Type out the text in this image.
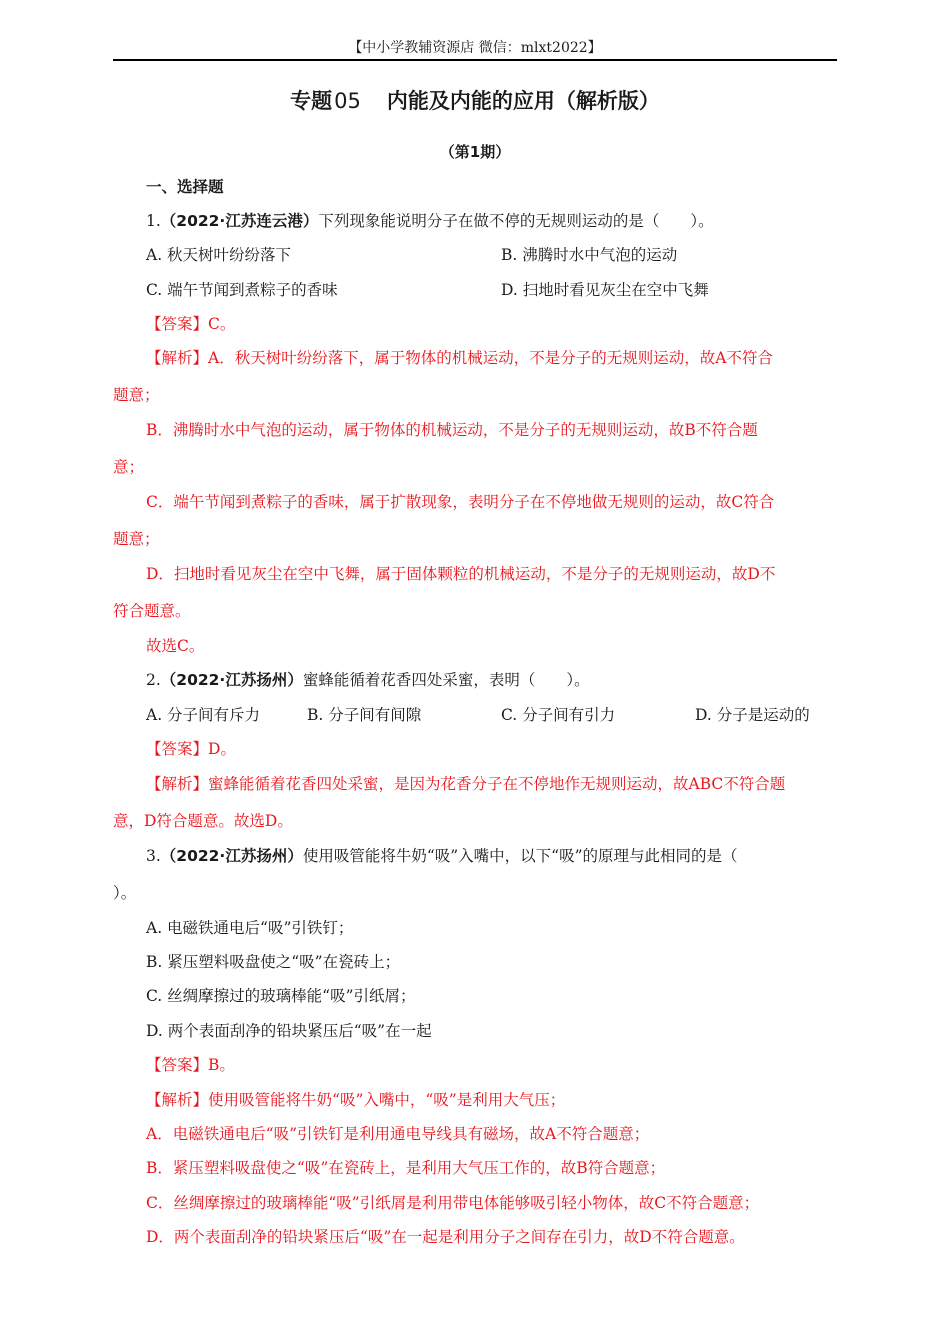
【中小学教辅资源店 微信：mlxt2022】
专题05 内能及内能的应用（解析版）
（第1期）
一、选择题
1.（2022·江苏连云港）下列现象能说明分子在做不停的无规则运动的是（　　）。
A. 秋天树叶纷纷落下	B. 沸腾时水中气泡的运动
C. 端午节闻到煮粽子的香味	D. 扫地时看见灰尘在空中飞舞
【答案】C。
【解析】A．秋天树叶纷纷落下，属于物体的机械运动，不是分子的无规则运动，故A不符合
题意；
B．沸腾时水中气泡的运动，属于物体的机械运动，不是分子的无规则运动，故B不符合题
意；
C．端午节闻到煮粽子的香味，属于扩散现象，表明分子在不停地做无规则的运动，故C符合
题意；
D．扫地时看见灰尘在空中飞舞，属于固体颗粒的机械运动，不是分子的无规则运动，故D不
符合题意。
故选C。
2.（2022·江苏扬州）蜜蜂能循着花香四处采蜜，表明（　　）。
A. 分子间有斥力	B. 分子间有间隙	C. 分子间有引力	D. 分子是运动的
【答案】D。
【解析】蜜蜂能循着花香四处采蜜，是因为花香分子在不停地作无规则运动，故ABC不符合题
意，D符合题意。故选D。
3.（2022·江苏扬州）使用吸管能将牛奶“吸”入嘴中，以下“吸”的原理与此相同的是（
）。
A. 电磁铁通电后“吸”引铁钉；
B. 紧压塑料吸盘使之“吸”在瓷砖上；
C. 丝绸摩擦过的玻璃棒能“吸”引纸屑；
D. 两个表面刮净的铅块紧压后“吸”在一起
【答案】B。
【解析】使用吸管能将牛奶“吸”入嘴中，“吸”是利用大气压；
A．电磁铁通电后“吸”引铁钉是利用通电导线具有磁场，故A不符合题意；
B．紧压塑料吸盘使之“吸”在瓷砖上，是利用大气压工作的，故B符合题意；
C．丝绸摩擦过的玻璃棒能“吸”引纸屑是利用带电体能够吸引轻小物体，故C不符合题意；
D．两个表面刮净的铅块紧压后“吸”在一起是利用分子之间存在引力，故D不符合题意。
